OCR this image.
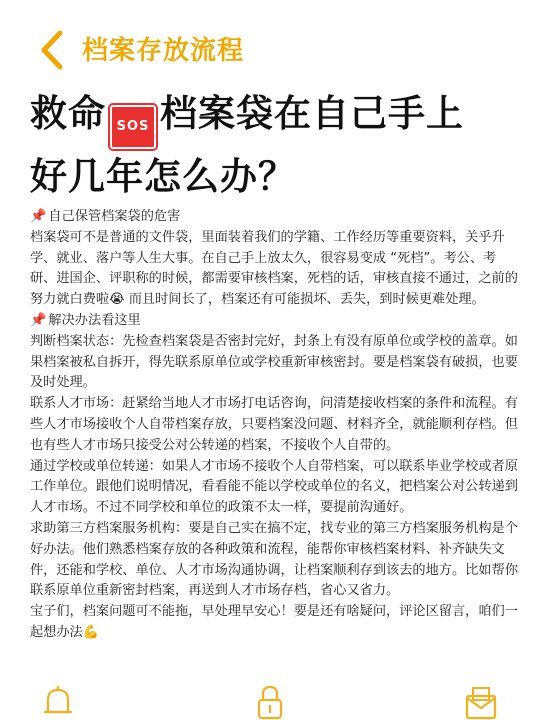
档案存放流程
救命 SOS 档案袋在自己手上
好几年怎么办？

📌 自己保管档案袋的危害

档案袋可不是普通的文件袋，里面装着我们的学籍、工作经历等重要资料，关乎升学、就业、落户等人生大事。在自己手上放太久，很容易变成 “死档”。考公、考研、进国企、评职称的时候，都需要审核档案，死档的话，审核直接不通过，之前的努力就白费啦😭 而且时间长了，档案还有可能损坏、丢失，到时候更难处理。

📌 解决办法看这里

判断档案状态：先检查档案袋是否密封完好，封条上有没有原单位或学校的盖章。如果档案被私自拆开，得先联系原单位或学校重新审核密封。要是档案袋有破损，也要及时处理。

联系人才市场：赶紧给当地人才市场打电话咨询，问清楚接收档案的条件和流程。有些人才市场接收个人自带档案存放，只要档案没问题、材料齐全，就能顺利存档。但也有些人才市场只接受公对公转递的档案，不接收个人自带的。

通过学校或单位转递：如果人才市场不接收个人自带档案，可以联系毕业学校或者原工作单位。跟他们说明情况，看看能不能以学校或单位的名义，把档案公对公转递到人才市场。不过不同学校和单位的政策不太一样，要提前沟通好。

求助第三方档案服务机构：要是自己实在搞不定，找专业的第三方档案服务机构是个好办法。他们熟悉档案存放的各种政策和流程，能帮你审核档案材料、补齐缺失文件，还能和学校、单位、人才市场沟通协调，让档案顺利存到该去的地方。比如帮你联系原单位重新密封档案，再送到人才市场存档，省心又省力。

宝子们，档案问题可不能拖，早处理早安心！要是还有啥疑问，评论区留言，咱们一起想办法💪
